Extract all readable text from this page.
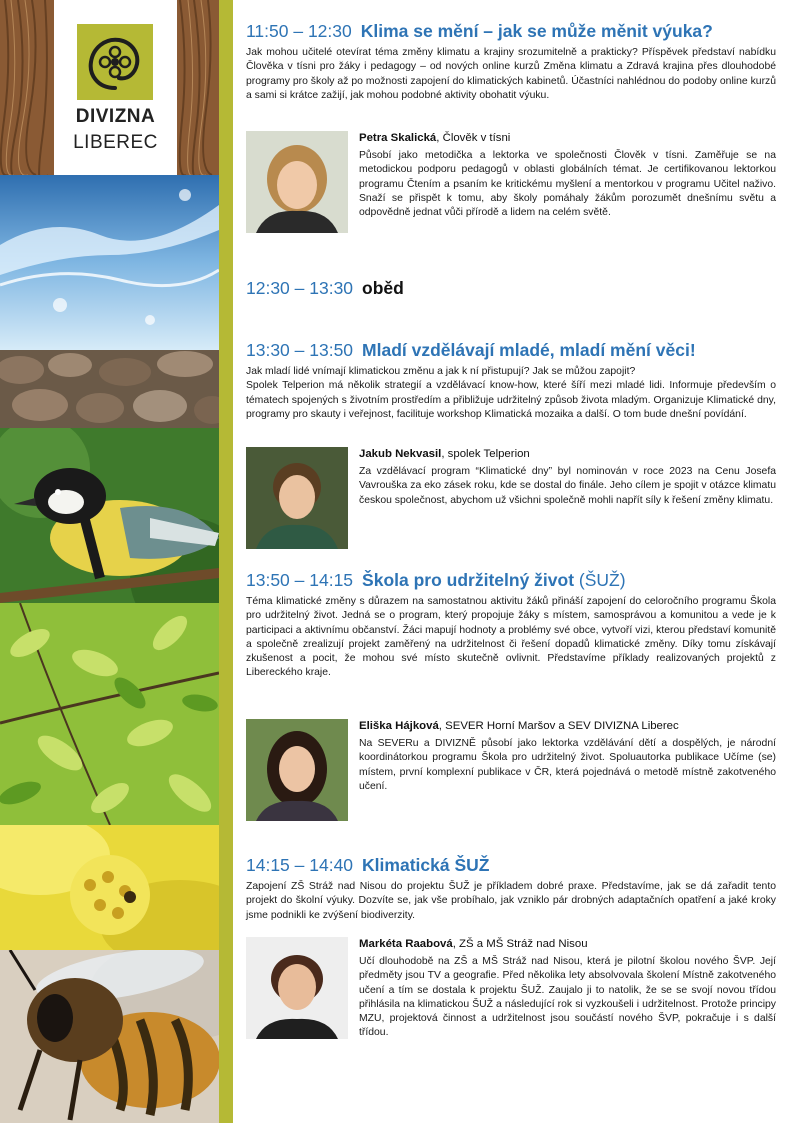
DIVIZNA
LIBEREC
11:50 – 12:30 Klima se mění – jak se může měnit výuka?
Jak mohou učitelé otevírat téma změny klimatu a krajiny srozumitelně a prakticky? Příspěvek představí nabídku Člověka v tísni pro žáky i pedagogy – od nových online kurzů Změna klimatu a Zdravá krajina přes dlouhodobé programy pro školy až po možnosti zapojení do klimatických kabinetů. Účastníci nahlédnou do podoby online kurzů a sami si krátce zažijí, jak mohou podobné aktivity obohatit výuku.
Petra Skalická, Člověk v tísni
Působí jako metodička a lektorka ve společnosti Člověk v tísni. Zaměřuje se na metodickou podporu pedagogů v oblasti globálních témat. Je certifikovanou lektorkou programu Čtením a psaním ke kritickému myšlení a mentorkou v programu Učitel naživo. Snaží se přispět k tomu, aby školy pomáhaly žákům porozumět dnešnímu světu a odpovědně jednat vůči přírodě a lidem na celém světě.
12:30 – 13:30 oběd
13:30 – 13:50 Mladí vzdělávají mladé, mladí mění věci!
Jak mladí lidé vnímají klimatickou změnu a jak k ní přistupují? Jak se můžou zapojit?
Spolek Telperion má několik strategií a vzdělávací know-how, které šíří mezi mladé lidi. Informuje především o tématech spojených s životním prostředím a přibližuje udržitelný způsob života mladým. Organizuje Klimatické dny, programy pro skauty i veřejnost, facilituje workshop Klimatická mozaika a další. O tom bude dnešní povídání.
Jakub Nekvasil, spolek Telperion
Za vzdělávací program “Klimatické dny” byl nominován v roce 2023 na Cenu Josefa Vavrouška za eko zásek roku, kde se dostal do finále. Jeho cílem je spojit v otázce klimatu českou společnost, abychom už všichni společně mohli napřít síly k řešení změny klimatu.
13:50 – 14:15 Škola pro udržitelný život (ŠUŽ)
Téma klimatické změny s důrazem na samostatnou aktivitu žáků přináší zapojení do celoročního programu Škola pro udržitelný život. Jedná se o program, který propojuje žáky s místem, samosprávou a komunitou a vede je k participaci a aktivnímu občanství. Žáci mapují hodnoty a problémy své obce, vytvoří vizi, kterou představí komunitě a společně zrealizují projekt zaměřený na udržitelnost či řešení dopadů klimatické změny. Díky tomu získávají zkušenost a pocit, že mohou své místo skutečně ovlivnit. Představíme příklady realizovaných projektů z Libereckého kraje.
Eliška Hájková, SEVER Horní Maršov a SEV DIVIZNA Liberec
Na SEVERu a DIVIZNĚ působí jako lektorka vzdělávání dětí a dospělých, je národní koordinátorkou programu Škola pro udržitelný život. Spoluautorka publikace Učíme (se) místem, první komplexní publikace v ČR, která pojednává o metodě místně zakotveného učení.
14:15 – 14:40 Klimatická ŠUŽ
Zapojení ZŠ Stráž nad Nisou do projektu ŠUŽ je příkladem dobré praxe. Představíme, jak se dá zařadit tento projekt do školní výuky. Dozvíte se, jak vše probíhalo, jak vzniklo pár drobných adaptačních opatření a jaké kroky jsme podnikli ke zvýšení biodiverzity.
Markéta Raabová, ZŠ a MŠ Stráž nad Nisou
Učí dlouhodobě na ZŠ a MŠ Stráž nad Nisou, která je pilotní školou nového ŠVP. Její předměty jsou TV a geografie. Před několika lety absolvovala školení Místně zakotveného učení a tím se dostala k projektu ŠUŽ. Zaujalo ji to natolik, že se se svojí novou třídou přihlásila na klimatickou ŠUŽ a následující rok si vyzkoušeli i udržitelnost. Protože principy MZU, projektová činnost a udržitelnost jsou součástí nového ŠVP, pokračuje i s další třídou.
